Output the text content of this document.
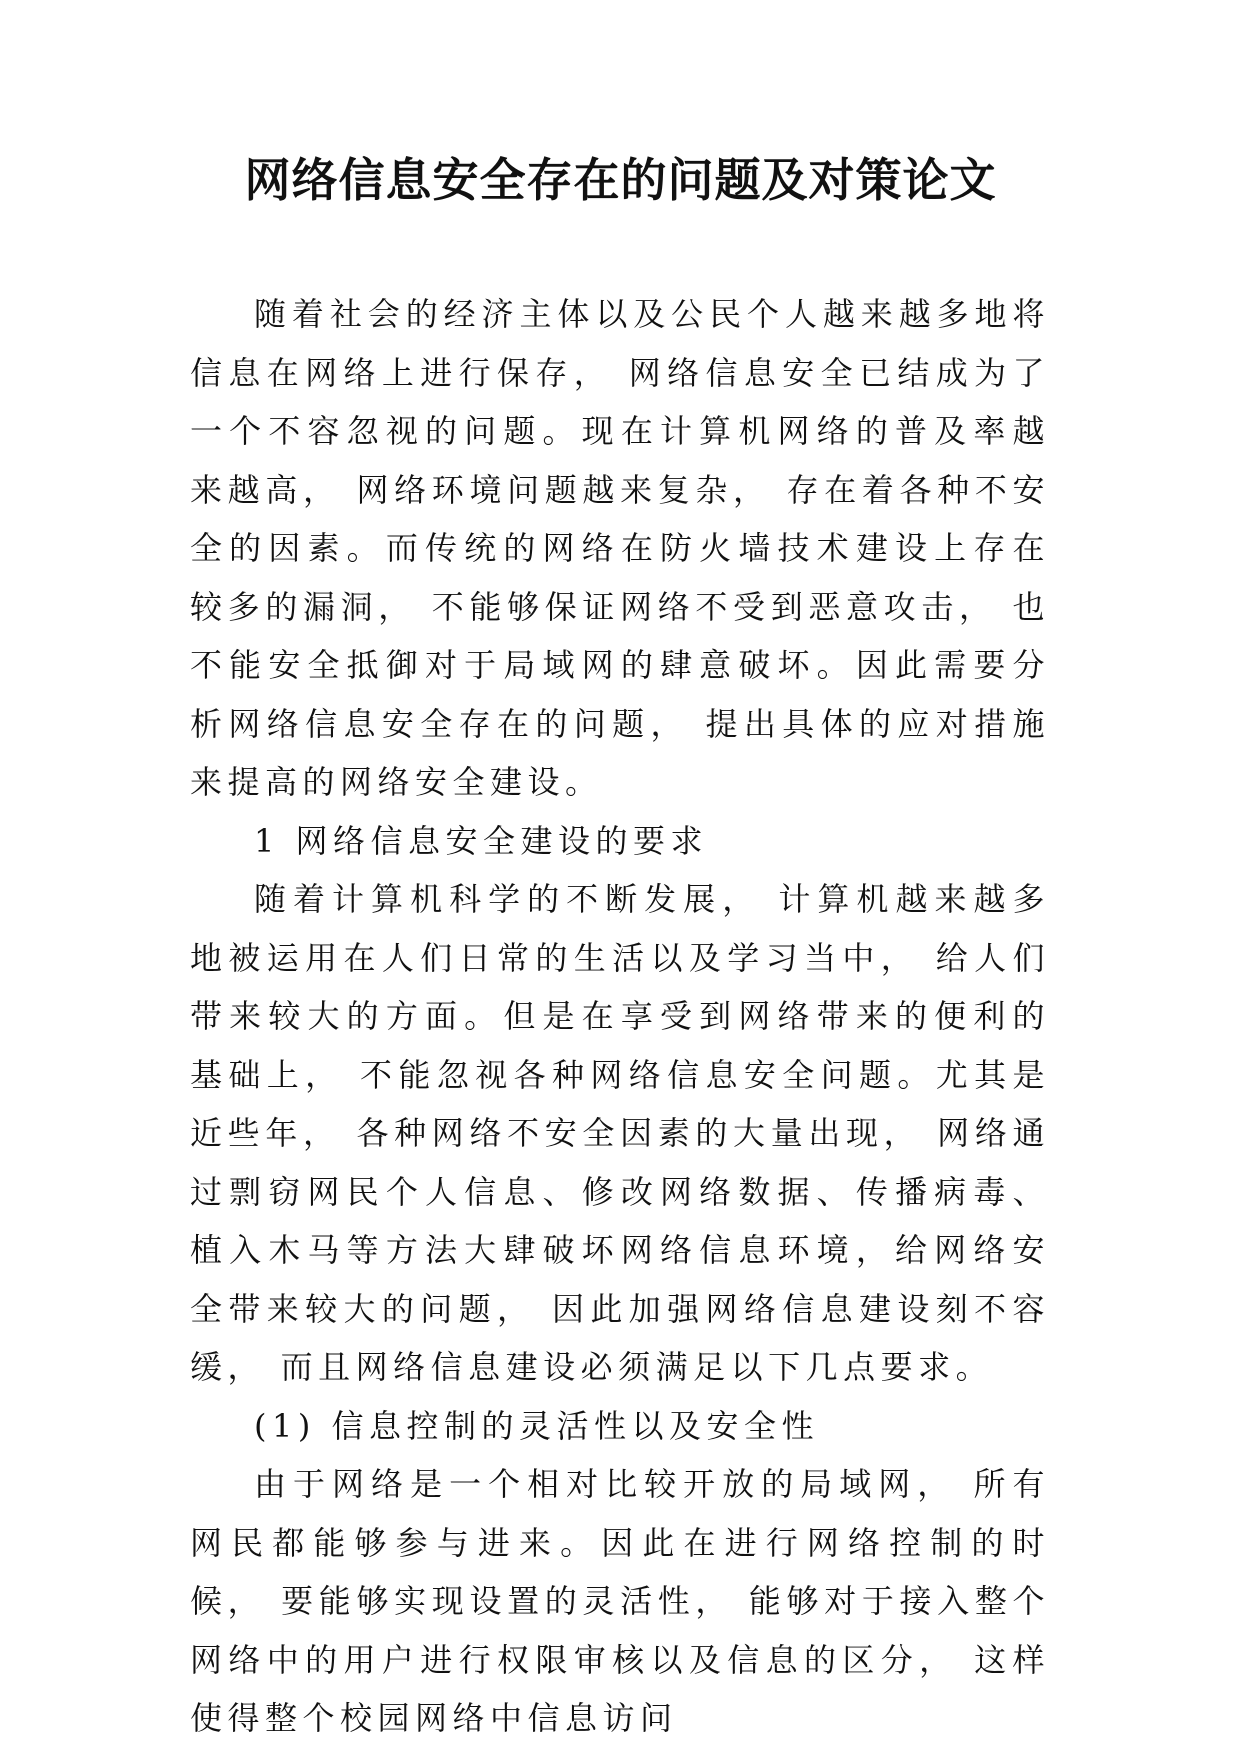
网络信息安全存在的问题及对策论文

随着社会的经济主体以及公民个人越来越多地将信息在网络上进行保存， 网络信息安全已结成为了一个不容忽视的问题。现在计算机网络的普及率越来越高， 网络环境问题越来复杂， 存在着各种不安全的因素。而传统的网络在防火墙技术建设上存在较多的漏洞， 不能够保证网络不受到恶意攻击， 也不能安全抵御对于局域网的肆意破坏。因此需要分析网络信息安全存在的问题， 提出具体的应对措施来提高的网络安全建设。

1 网络信息安全建设的要求

随着计算机科学的不断发展， 计算机越来越多地被运用在人们日常的生活以及学习当中， 给人们带来较大的方面。但是在享受到网络带来的便利的基础上， 不能忽视各种网络信息安全问题。尤其是近些年， 各种网络不安全因素的大量出现， 网络通过剽窃网民个人信息、修改网络数据、传播病毒、植入木马等方法大肆破坏网络信息环境，给网络安全带来较大的问题， 因此加强网络信息建设刻不容缓， 而且网络信息建设必须满足以下几点要求。

(1) 信息控制的灵活性以及安全性

由于网络是一个相对比较开放的局域网， 所有网民都能够参与进来。因此在进行网络控制的时候， 要能够实现设置的灵活性， 能够对于接入整个网络中的用户进行权限审核以及信息的区分， 这样使得整个校园网络中信息访问
